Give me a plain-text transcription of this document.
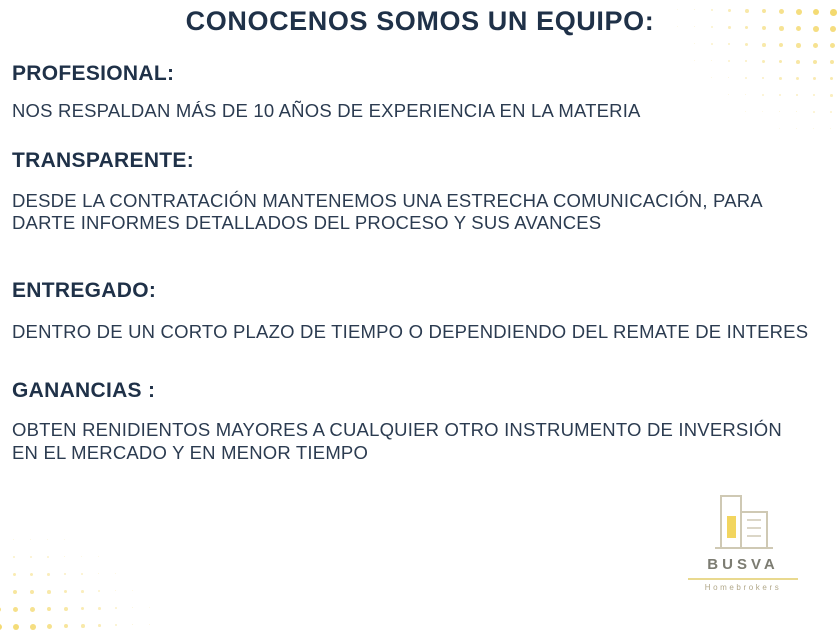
CONOCENOS SOMOS UN EQUIPO:

PROFESIONAL:

NOS RESPALDAN MÁS DE 10 AÑOS DE EXPERIENCIA EN LA MATERIA

TRANSPARENTE:

DESDE LA CONTRATACIÓN MANTENEMOS UNA ESTRECHA COMUNICACIÓN, PARA DARTE INFORMES DETALLADOS DEL PROCESO Y SUS AVANCES

ENTREGADO:

DENTRO DE UN CORTO PLAZO DE TIEMPO O DEPENDIENDO DEL REMATE DE INTERES

GANANCIAS :

OBTEN RENIDIENTOS MAYORES A CUALQUIER OTRO INSTRUMENTO DE INVERSIÓN EN EL MERCADO Y EN MENOR TIEMPO

BUSVA
Homebrokers
